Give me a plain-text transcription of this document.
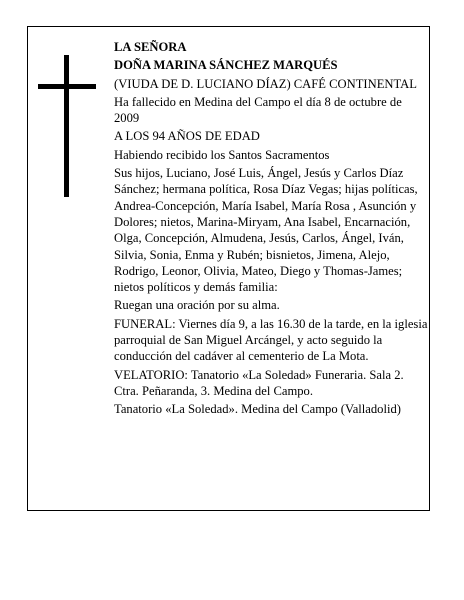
LA SEÑORA

DOÑA MARINA SÁNCHEZ MARQUÉS

(VIUDA DE D. LUCIANO DÍAZ) CAFÉ CONTINENTAL

Ha fallecido en Medina del Campo el día 8 de octubre de 2009

A LOS 94 AÑOS DE EDAD

Habiendo recibido los Santos Sacramentos

Sus hijos, Luciano, José Luis, Ángel, Jesús y Carlos Díaz Sánchez; hermana política, Rosa Díaz Vegas; hijas políticas, Andrea-Concepción, María Isabel, María Rosa , Asunción y Dolores; nietos, Marina-Miryam, Ana Isabel, Encarnación, Olga, Concepción, Almudena, Jesús, Carlos, Ángel, Iván, Silvia, Sonia, Enma y Rubén; bisnietos, Jimena, Alejo, Rodrigo, Leonor, Olivia, Mateo, Diego y Thomas-James; nietos políticos y demás familia:

Ruegan una oración por su alma.

FUNERAL: Viernes día 9, a las 16.30 de la tarde, en la iglesia parroquial de San Miguel Arcángel, y acto seguido la conducción del cadáver al cementerio de La Mota.

VELATORIO: Tanatorio «La Soledad» Funeraria. Sala 2. Ctra. Peñaranda, 3. Medina del Campo.

Tanatorio «La Soledad». Medina del Campo (Valladolid)
